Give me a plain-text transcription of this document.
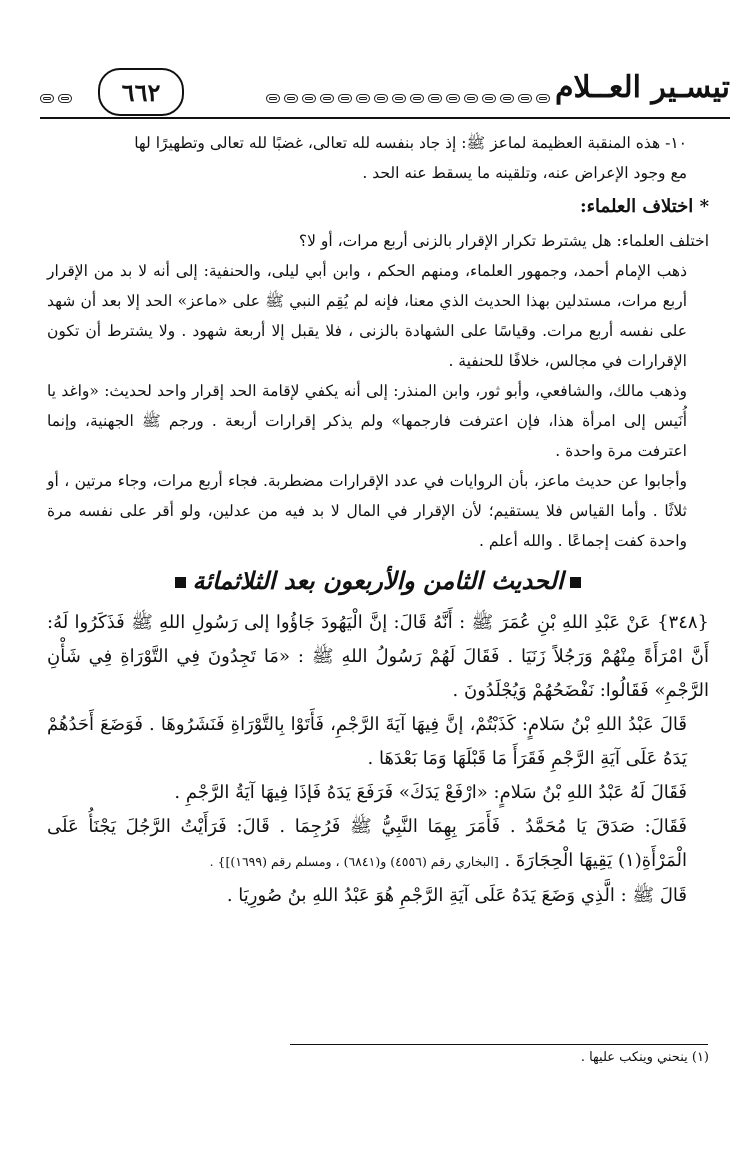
تيسـير العــلام
٦٦٢

١٠- هذه المنقبة العظيمة لماعز ﷺ: إذ جاد بنفسه لله تعالى، غضبًا لله تعالى وتطهيرًا لها

مع وجود الإعراض عنه، وتلقينه ما يسقط عنه الحد .

* اختلاف العلماء:

اختلف العلماء: هل يشترط تكرار الإقرار بالزنى أربع مرات، أو لا؟

ذهب الإمام أحمد، وجمهور العلماء، ومنهم الحكم ، وابن أبي ليلى، والحنفية: إلى أنه لا بد من الإقرار أربع مرات، مستدلين بهذا الحديث الذي معنا، فإنه لم يُقِم النبي ﷺ على «ماعز» الحد إلا بعد أن شهد على نفسه أربع مرات. وقياسًا على الشهادة بالزنى ، فلا يقبل إلا أربعة شهود . ولا يشترط أن تكون الإقرارات في مجالس، خلافًا للحنفية .

وذهب مالك، والشافعي، وأبو ثور، وابن المنذر: إلى أنه يكفي لإقامة الحد إقرار واحد لحديث: «واغد يا أُنَيس إلى امرأة هذا، فإن اعترفت فارجمها» ولم يذكر إقرارات أربعة . ورجم ﷺ الجهنية، وإنما اعترفت مرة واحدة .

وأجابوا عن حديث ماعز، بأن الروايات في عدد الإقرارات مضطربة. فجاء أربع مرات، وجاء مرتين ، أو ثلاثًا . وأما القياس فلا يستقيم؛ لأن الإقرار في المال لا بد فيه من عدلين، ولو أقر على نفسه مرة واحدة كفت إجماعًا . والله أعلم .

الحديث الثامن والأربعون بعد الثلاثمائة

{٣٤٨} عَنْ عَبْدِ اللهِ بْنِ عُمَرَ ﷺ : أَنَّهُ قَالَ: إنَّ الْيَهُودَ جَاؤُوا إلى رَسُولِ اللهِ ﷺ فَذَكَرُوا لَهُ: أَنَّ امْرَأَةً مِنْهُمْ وَرَجُلاً زَنَيَا . فَقَالَ لَهُمْ رَسُولُ اللهِ ﷺ : «مَا تَجِدُونَ فِي التَّوْرَاةِ فِي شَأْنِ الرَّجْمِ» فَقَالُوا: نَفْضَحُهُمْ وَيُجْلَدُونَ .

قَالَ عَبْدُ اللهِ بْنُ سَلامٍ: كَذَبْتُمْ، إنَّ فِيهَا آيَةَ الرَّجْمِ، فَأَتَوْا بِالتَّوْرَاةِ فَنَشَرُوهَا . فَوَضَعَ أَحَدُهُمْ يَدَهُ عَلَى آيَةِ الرَّجْمِ فَقَرَأَ مَا قَبْلَهَا وَمَا بَعْدَهَا .

فَقَالَ لَهُ عَبْدُ اللهِ بْنُ سَلامٍ: «ارْفَعْ يَدَكَ» فَرَفَعَ يَدَهُ فَإذَا فِيهَا آيَةُ الرَّجْمِ .

فَقَالَ: صَدَقَ يَا مُحَمَّدُ . فَأَمَرَ بِهِمَا النَّبِيُّ ﷺ فَرُجِمَا . قَالَ: فَرَأَيْتُ الرَّجُلَ يَجْنَأُ عَلَى الْمَرْأَةِ(١) يَقِيهَا الْحِجَارَةَ . [البخاري رقم (٤٥٥٦) و(٦٨٤١) ، ومسلم رقم (١٦٩٩)]} .

قَالَ ﷺ : الَّذِي وَضَعَ يَدَهُ عَلَى آيَةِ الرَّجْمِ هُوَ عَبْدُ اللهِ بنُ صُورِيَا .

(١) ينحني وينكب عليها .
